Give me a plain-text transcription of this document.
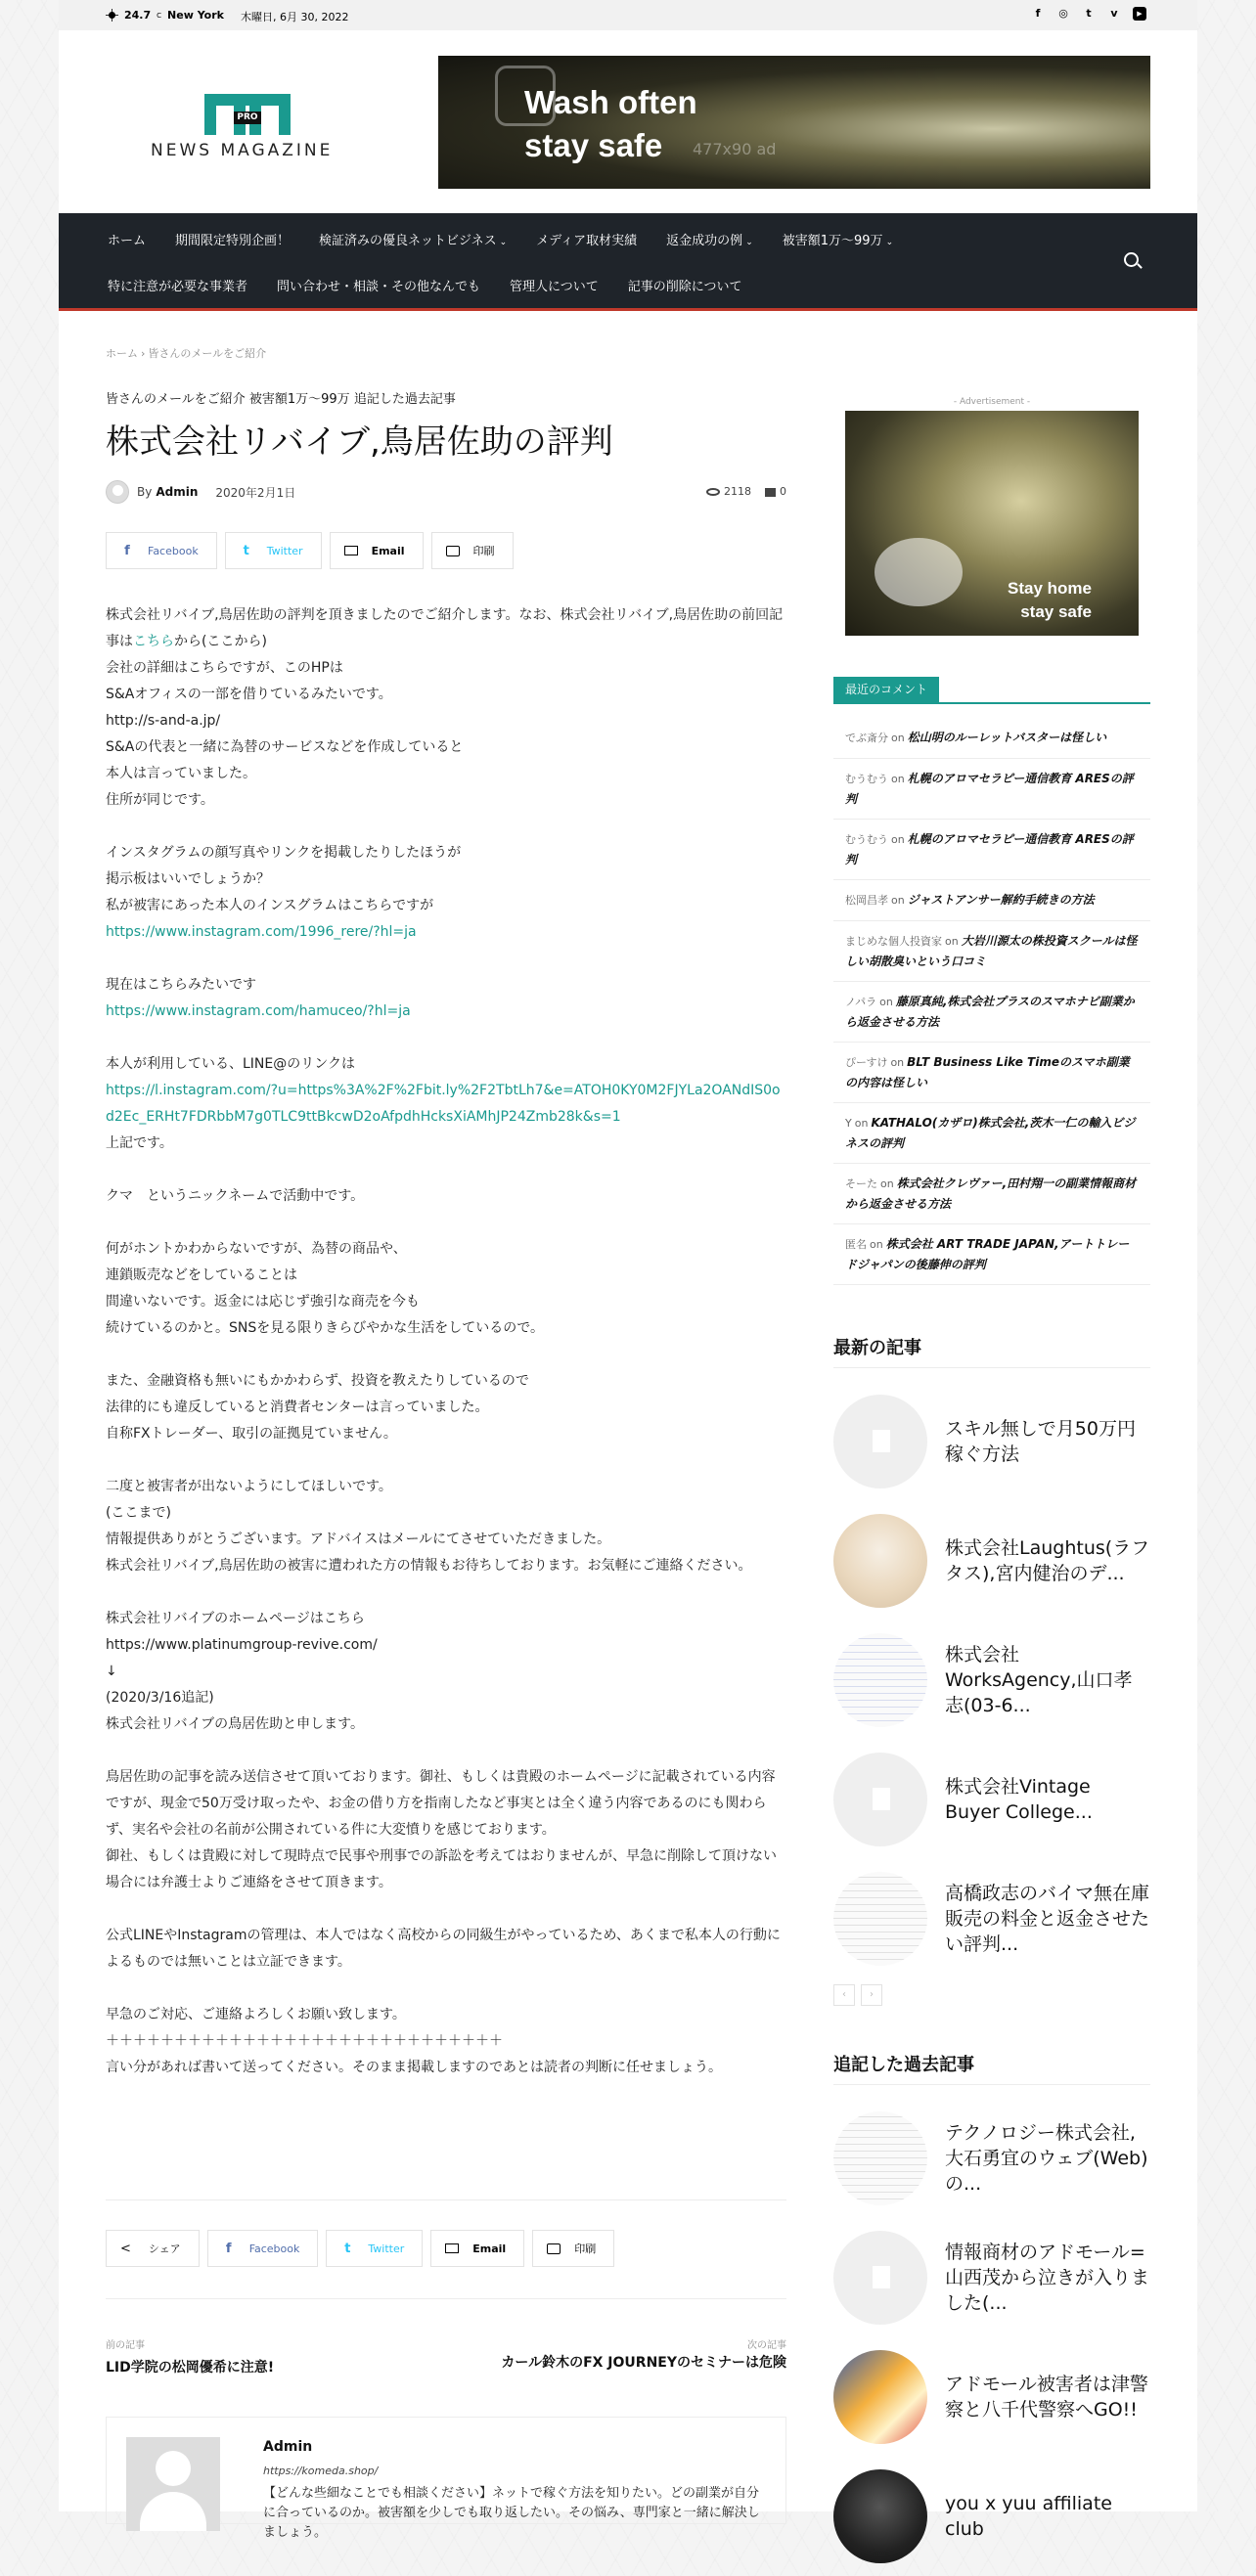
24.7 C New York 木曜日, 6月 30, 2022	f	◎	t	v	▶
PRO
NEWS MAGAZINE
Wash often
stay safe	477x90 ad
ホーム	期間限定特別企画！	検証済みの優良ネットビジネス ⌄	メディア取材実績	返金成功の例 ⌄	被害額1万～99万 ⌄
特に注意が必要な事業者	問い合わせ・相談・その他なんでも	管理人について	記事の削除について
ホーム › 皆さんのメールをご紹介
皆さんのメールをご紹介 被害額1万～99万 追記した過去記事
株式会社リバイブ,鳥居佐助の評判
By Admin 2020年2月1日	2118	0
f	Facebook	t	Twitter	Email	印刷

株式会社リバイブ,鳥居佐助の評判を頂きましたのでご紹介します。なお、株式会社リバイブ,鳥居佐助の前回記事はこちらから(ここから)
会社の詳細はこちらですが、このHPは
S&Aオフィスの一部を借りているみたいです。
http://s-and-a.jp/
S&Aの代表と一緒に為替のサービスなどを作成していると
本人は言っていました。
住所が同じです。

インスタグラムの顔写真やリンクを掲載したりしたほうが
掲示板はいいでしょうか？
私が被害にあった本人のインスグラムはこちらですが
https://www.instagram.com/1996_rere/?hl=ja

現在はこちらみたいです
https://www.instagram.com/hamuceo/?hl=ja

本人が利用している、LINE@のリンクは
https://l.instagram.com/?u=https%3A%2F%2Fbit.ly%2F2TbtLh7&e=ATOH0KY0M2FJYLa2OANdIS0od2Ec_ERHt7FDRbbM7g0TLC9ttBkcwD2oAfpdhHcksXiAMhJP24Zmb28k&s=1
上記です。

クマ　というニックネームで活動中です。

何がホントかわからないですが、為替の商品や、
連鎖販売などをしていることは
間違いないです。返金には応じず強引な商売を今も
続けているのかと。SNSを見る限りきらびやかな生活をしているので。

また、金融資格も無いにもかかわらず、投資を教えたりしているので
法律的にも違反していると消費者センターは言っていました。
自称FXトレーダー、取引の証拠見ていません。

二度と被害者が出ないようにしてほしいです。
(ここまで)
情報提供ありがとうございます。アドバイスはメールにてさせていただきました。
株式会社リバイブ,鳥居佐助の被害に遭われた方の情報もお待ちしております。お気軽にご連絡ください。

株式会社リバイブのホームページはこちら
https://www.platinumgroup-revive.com/
↓
(2020/3/16追記)
株式会社リバイブの鳥居佐助と申します。

鳥居佐助の記事を読み送信させて頂いております。御社、もしくは貴殿のホームページに記載されている内容ですが、現金で50万受け取ったや、お金の借り方を指南したなど事実とは全く違う内容であるのにも関わらず、実名や会社の名前が公開されている件に大変憤りを感じております。
御社、もしくは貴殿に対して現時点で民事や刑事での訴訟を考えてはおりませんが、早急に削除して頂けない場合には弁護士よりご連絡をさせて頂きます。

公式LINEやInstagramの管理は、本人ではなく高校からの同級生がやっているため、あくまで私本人の行動によるものでは無いことは立証できます。

早急のご対応、ご連絡よろしくお願い致します。
＋＋＋＋＋＋＋＋＋＋＋＋＋＋＋＋＋＋＋＋＋＋＋＋＋＋＋＋＋
言い分があれば書いて送ってください。そのまま掲載しますのであとは読者の判断に任せましょう。

< シェア	f	Facebook	t	Twitter	Email	印刷
前の記事
LID学院の松岡優希に注意!
次の記事
カール鈴木のFX JOURNEYのセミナーは危険
Admin
https://komeda.shop/
【どんな些細なことでも相談ください】ネットで稼ぐ方法を知りたい。どの副業が自分に合っているのか。被害額を少しでも取り返したい。その悩み、専門家と一緒に解決しましょう。
- Advertisement -
Stay home
stay safe
最近のコメント
でぶ斎分 on 松山明のルーレットバスターは怪しい
むうむう on 札幌のアロマセラピー通信教育 ARESの評判
むうむう on 札幌のアロマセラピー通信教育 ARESの評判
松岡昌孝 on ジャストアンサー解約手続きの方法
まじめな個人投資家 on 大岩川源太の株投資スクールは怪しい胡散臭いという口コミ
ノパラ on 藤原真純,株式会社プラスのスマホナビ副業から返金させる方法
ぴーすけ on BLT Business Like Timeのスマホ副業の内容は怪しい
Y on KATHALO(カザロ)株式会社,茨木一仁の輸入ビジネスの評判
そーた on 株式会社クレヴァー,田村翔一の副業情報商材から返金させる方法
匿名 on 株式会社 ART TRADE JAPAN,アートトレードジャパンの後藤伸の評判
最新の記事
スキル無しで月50万円稼ぐ方法
株式会社Laughtus(ラフタス),宮内健治のデ...
株式会社WorksAgency,山口孝志(03-6...
株式会社Vintage Buyer College...
高橋政志のバイマ無在庫販売の料金と返金させたい評判...
‹	›
追記した過去記事
テクノロジー株式会社,大石勇宜のウェブ(Web)の...
情報商材のアドモール=山西茂から泣きが入りました(...
アドモール被害者は津警察と八千代警察へGO!!
you x yuu affiliate club
